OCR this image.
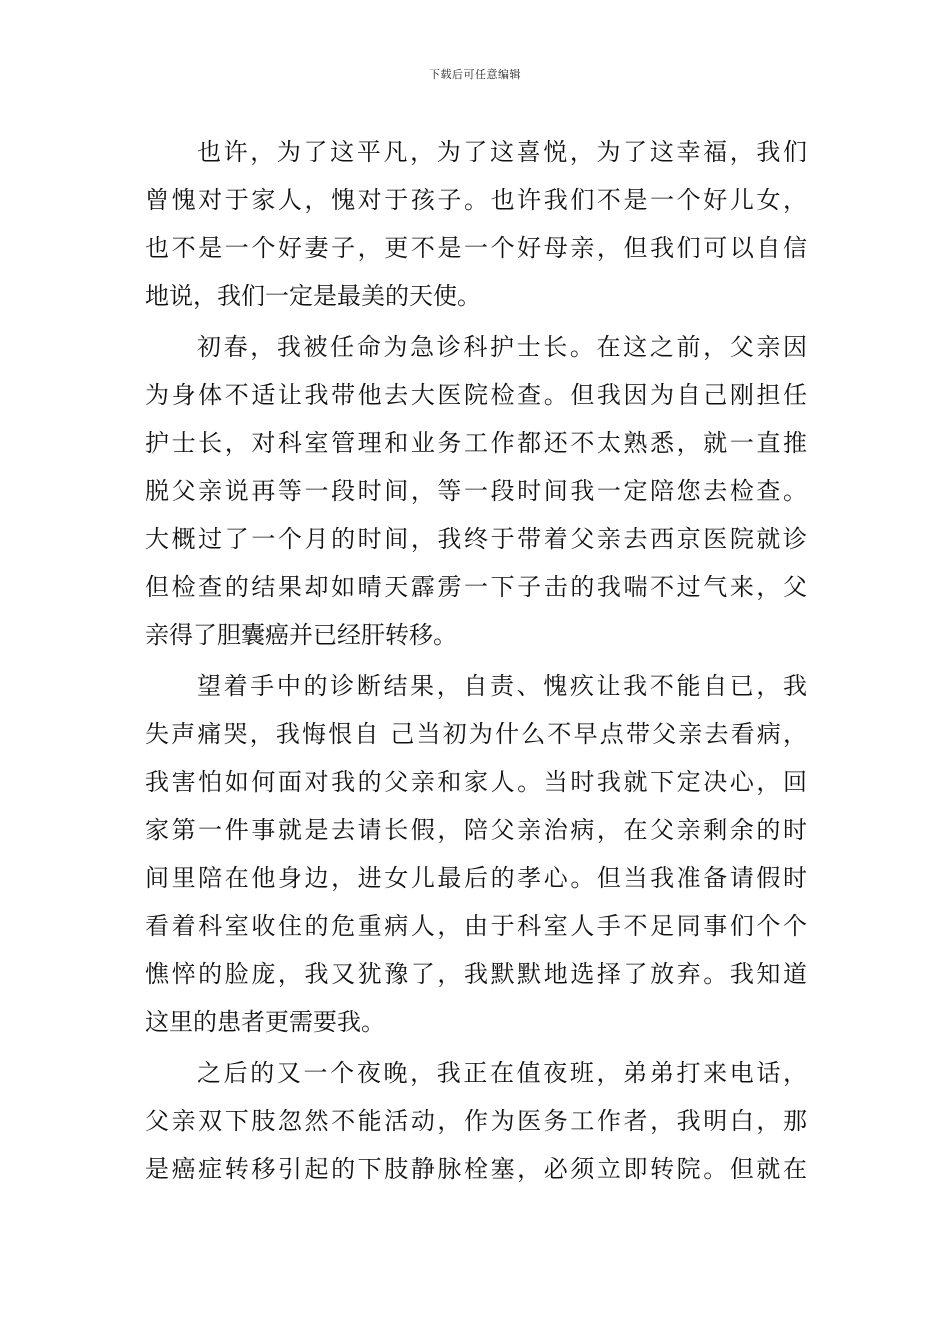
下载后可任意编辑
也许，为了这平凡，为了这喜悦，为了这幸福，我们
曾愧对于家人，愧对于孩子。也许我们不是一个好儿女，
也不是一个好妻子，更不是一个好母亲，但我们可以自信
地说，我们一定是最美的天使。
初春，我被任命为急诊科护士长。在这之前，父亲因
为身体不适让我带他去大医院检查。但我因为自己刚担任
护士长，对科室管理和业务工作都还不太熟悉，就一直推
脱父亲说再等一段时间，等一段时间我一定陪您去检查。
大概过了一个月的时间，我终于带着父亲去西京医院就诊
但检查的结果却如晴天霹雳一下子击的我喘不过气来，父
亲得了胆囊癌并已经肝转移。
望着手中的诊断结果，自责、愧疚让我不能自已，我
失声痛哭，我悔恨自 己当初为什么不早点带父亲去看病，
我害怕如何面对我的父亲和家人。当时我就下定决心，回
家第一件事就是去请长假，陪父亲治病，在父亲剩余的时
间里陪在他身边，进女儿最后的孝心。但当我准备请假时
看着科室收住的危重病人，由于科室人手不足同事们个个
憔悴的脸庞，我又犹豫了，我默默地选择了放弃。我知道
这里的患者更需要我。
之后的又一个夜晚，我正在值夜班，弟弟打来电话，
父亲双下肢忽然不能活动，作为医务工作者，我明白，那
是癌症转移引起的下肢静脉栓塞，必须立即转院。但就在
